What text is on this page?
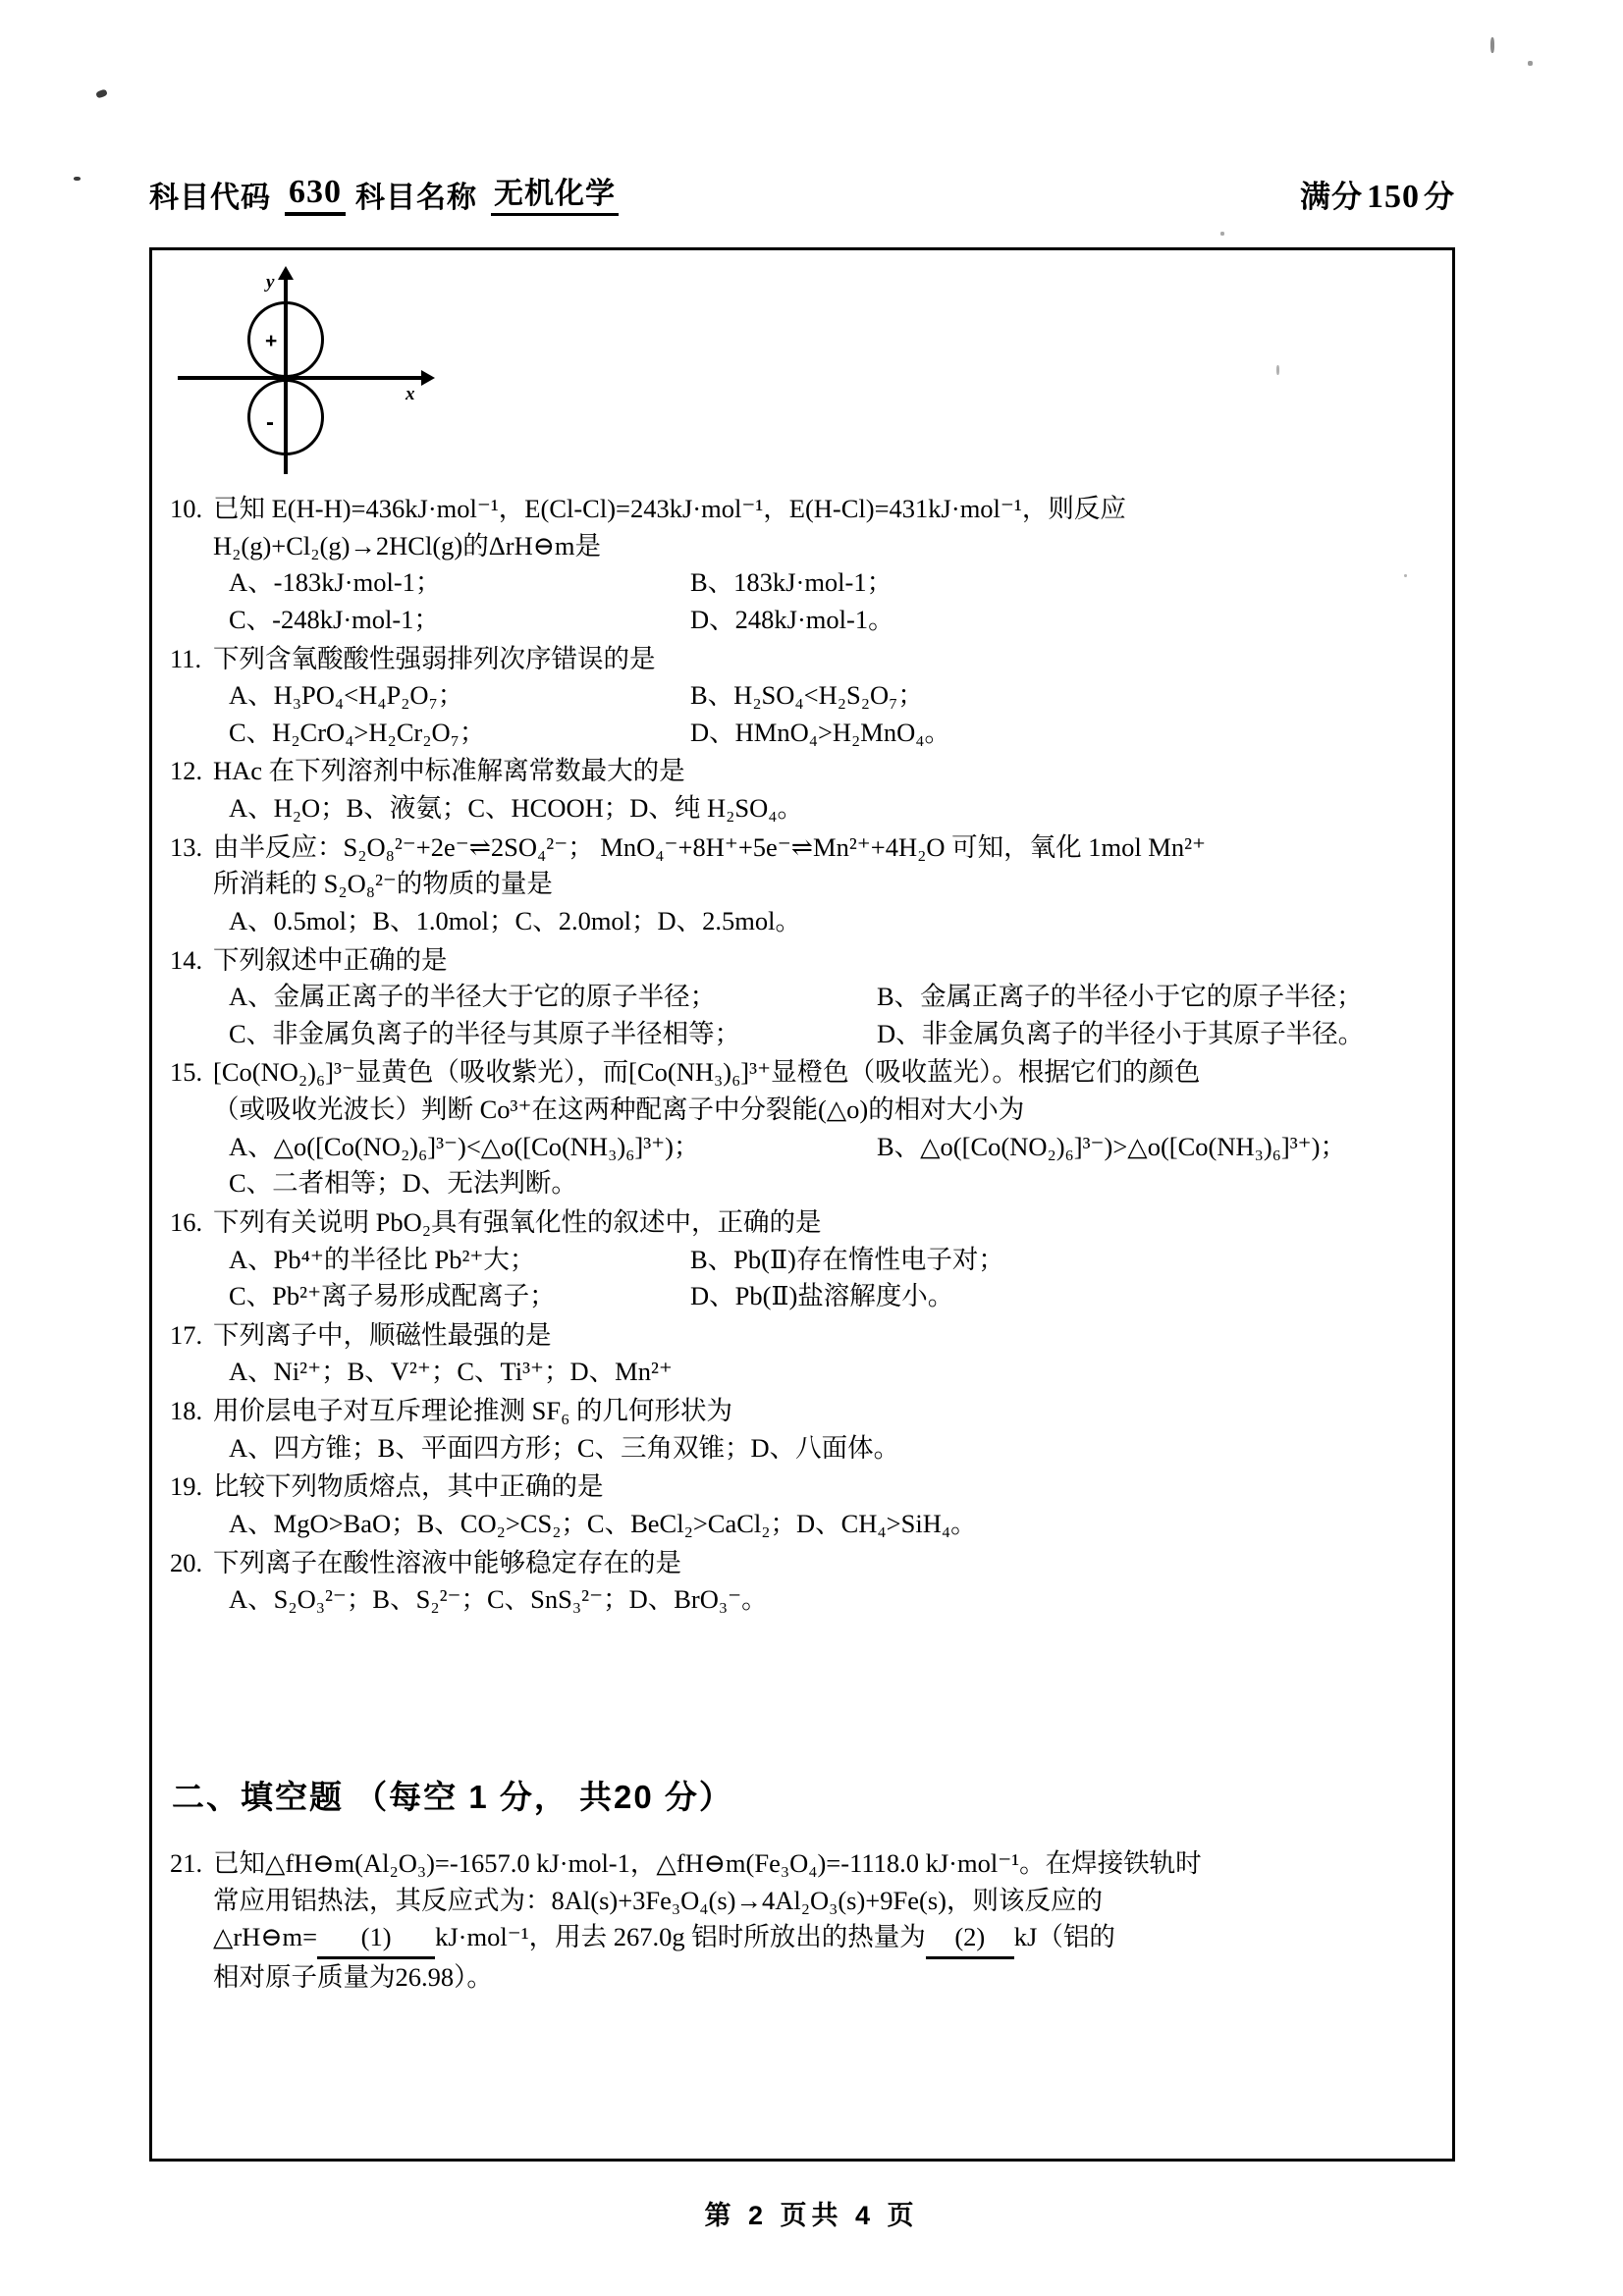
科目代码 630 科目名称 无机化学	满分 150 分
+
-
y
x
10. 已知 E(H-H)=436kJ·mol⁻¹，E(Cl-Cl)=243kJ·mol⁻¹，E(H-Cl)=431kJ·mol⁻¹，则反应
H₂(g)+Cl₂(g)→2HCl(g)的ΔrH⊖m是
A、-183kJ·mol-1；	B、183kJ·mol-1；
C、-248kJ·mol-1；	D、248kJ·mol-1。
11. 下列含氧酸酸性强弱排列次序错误的是
A、H₃PO₄<H₄P₂O₇；	B、H₂SO₄<H₂S₂O₇；
C、H₂CrO₄>H₂Cr₂O₇；	D、HMnO₄>H₂MnO₄。
12. HAc 在下列溶剂中标准解离常数最大的是
A、H₂O；B、液氨；C、HCOOH；D、纯 H₂SO₄。
13. 由半反应：S₂O₈²⁻+2e⁻⇌2SO₄²⁻； MnO₄⁻+8H⁺+5e⁻⇌Mn²⁺+4H₂O 可知，氧化 1mol Mn²⁺
所消耗的 S₂O₈²⁻的物质的量是
A、0.5mol；B、1.0mol；C、2.0mol；D、2.5mol。
14. 下列叙述中正确的是
A、金属正离子的半径大于它的原子半径；	B、金属正离子的半径小于它的原子半径；
C、非金属负离子的半径与其原子半径相等；	D、非金属负离子的半径小于其原子半径。
15. [Co(NO₂)₆]³⁻显黄色（吸收紫光），而[Co(NH₃)₆]³⁺显橙色（吸收蓝光）。根据它们的颜色
（或吸收光波长）判断 Co³⁺在这两种配离子中分裂能(△o)的相对大小为
A、△o([Co(NO₂)₆]³⁻)<△o([Co(NH₃)₆]³⁺)；	B、△o([Co(NO₂)₆]³⁻)>△o([Co(NH₃)₆]³⁺)；
C、二者相等；D、无法判断。
16. 下列有关说明 PbO₂具有强氧化性的叙述中，正确的是
A、Pb⁴⁺的半径比 Pb²⁺大；	B、Pb(Ⅱ)存在惰性电子对；
C、Pb²⁺离子易形成配离子；	D、Pb(Ⅱ)盐溶解度小。
17. 下列离子中，顺磁性最强的是
A、Ni²⁺；B、V²⁺；C、Ti³⁺；D、Mn²⁺
18. 用价层电子对互斥理论推测 SF₆ 的几何形状为
A、四方锥；B、平面四方形；C、三角双锥；D、八面体。
19. 比较下列物质熔点，其中正确的是
A、MgO>BaO；B、CO₂>CS₂；C、BeCl₂>CaCl₂；D、CH₄>SiH₄。
20. 下列离子在酸性溶液中能够稳定存在的是
A、S₂O₃²⁻；B、S₂²⁻；C、SnS₃²⁻；D、BrO₃⁻。
二、填空题 （每空 1 分， 共20 分）
21. 已知△fH⊖m(Al₂O₃)=-1657.0 kJ·mol-1，△fH⊖m(Fe₃O₄)=-1118.0 kJ·mol⁻¹。在焊接铁轨时
常应用铝热法，其反应式为：8Al(s)+3Fe₃O₄(s)→4Al₂O₃(s)+9Fe(s)，则该反应的
△rH⊖m= (1) kJ·mol⁻¹，用去 267.0g 铝时所放出的热量为 (2) kJ（铝的
相对原子质量为26.98）。
第 2 页共 4 页
